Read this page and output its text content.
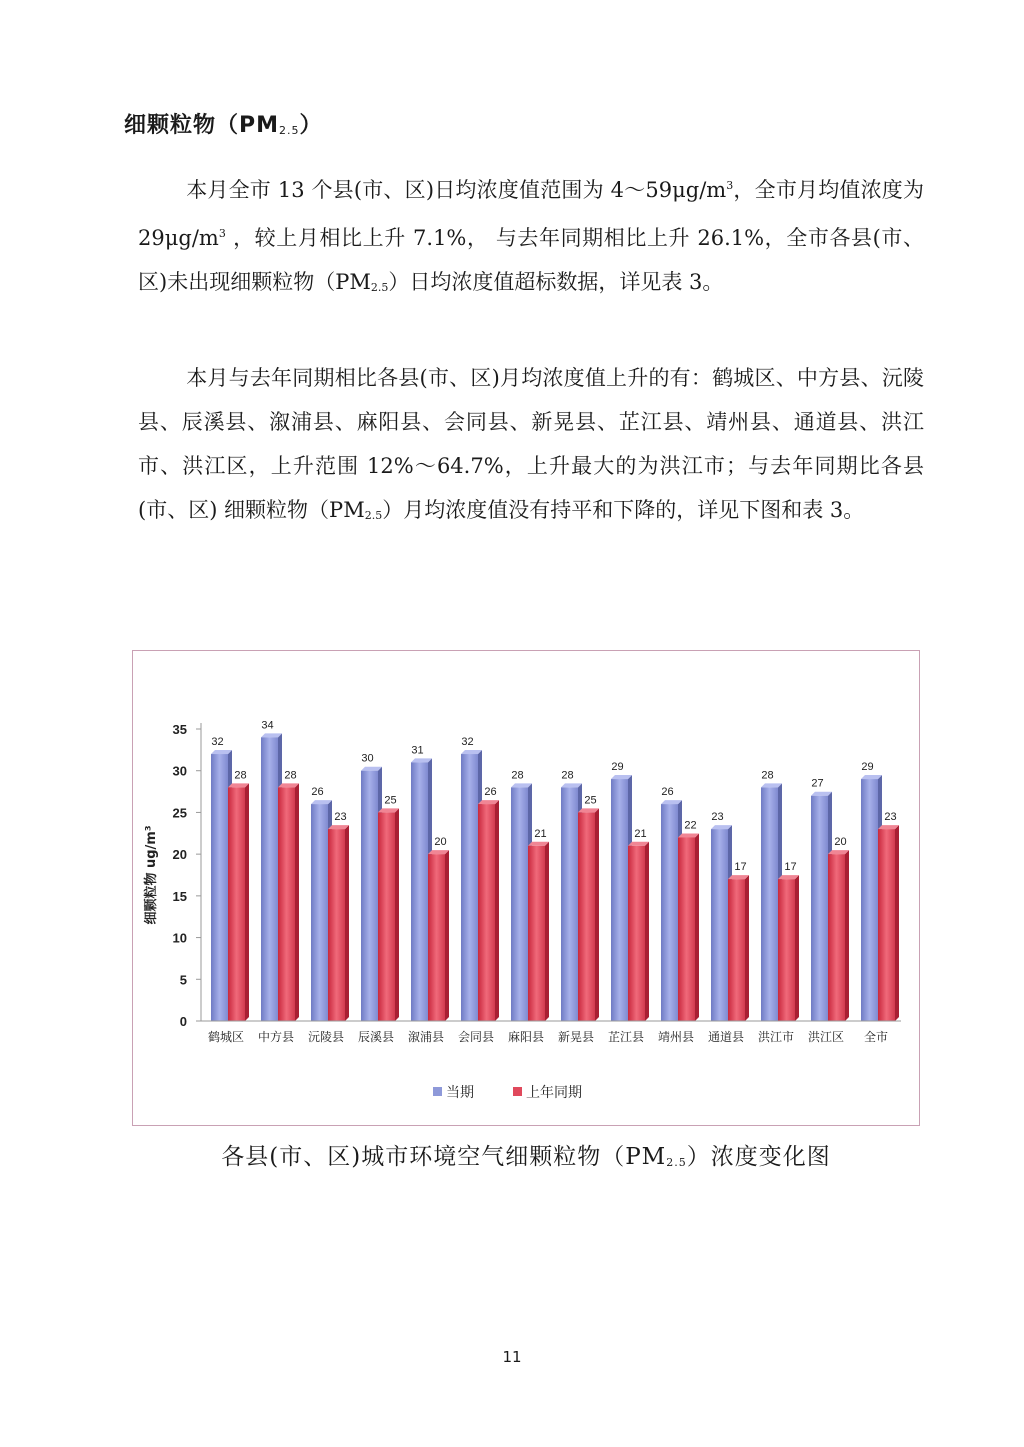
细颗粒物（PM2.5）

本月全市 13 个县(市、区)日均浓度值范围为 $4\sim 59\mu g/m^3$，全市月均值浓度为 $29\mu g/m^3$ ，较上月相比上升 7.1%， 与去年同期相比上升 26.1%，全市各县(市、区)未出现细颗粒物（PM2.5）日均浓度值超标数据，详见表 3。

本月与去年同期相比各县(市、区)月均浓度值上升的有：鹤城区、中方县、沅陵县、辰溪县、溆浦县、麻阳县、会同县、新晃县、芷江县、靖州县、通道县、洪江市、洪江区，上升范围 12%～64.7%，上升最大的为洪江市；与去年同期比各县(市、区) 细颗粒物（PM2.5）月均浓度值没有持平和下降的，详见下图和表 3。

0
5
10
15
20
25
30
35
细颗粒物 ug/m³
32
28
鹤城区
34
28
中方县
26
23
沅陵县
30
25
辰溪县
31
20
溆浦县
32
26
会同县
28
21
麻阳县
28
25
新晃县
29
21
芷江县
26
22
靖州县
23
17
通道县
28
17
洪江市
27
20
洪江区
29
23
全市
当期	上年同期
各县(市、区)城市环境空气细颗粒物（PM2.5）浓度变化图
11
